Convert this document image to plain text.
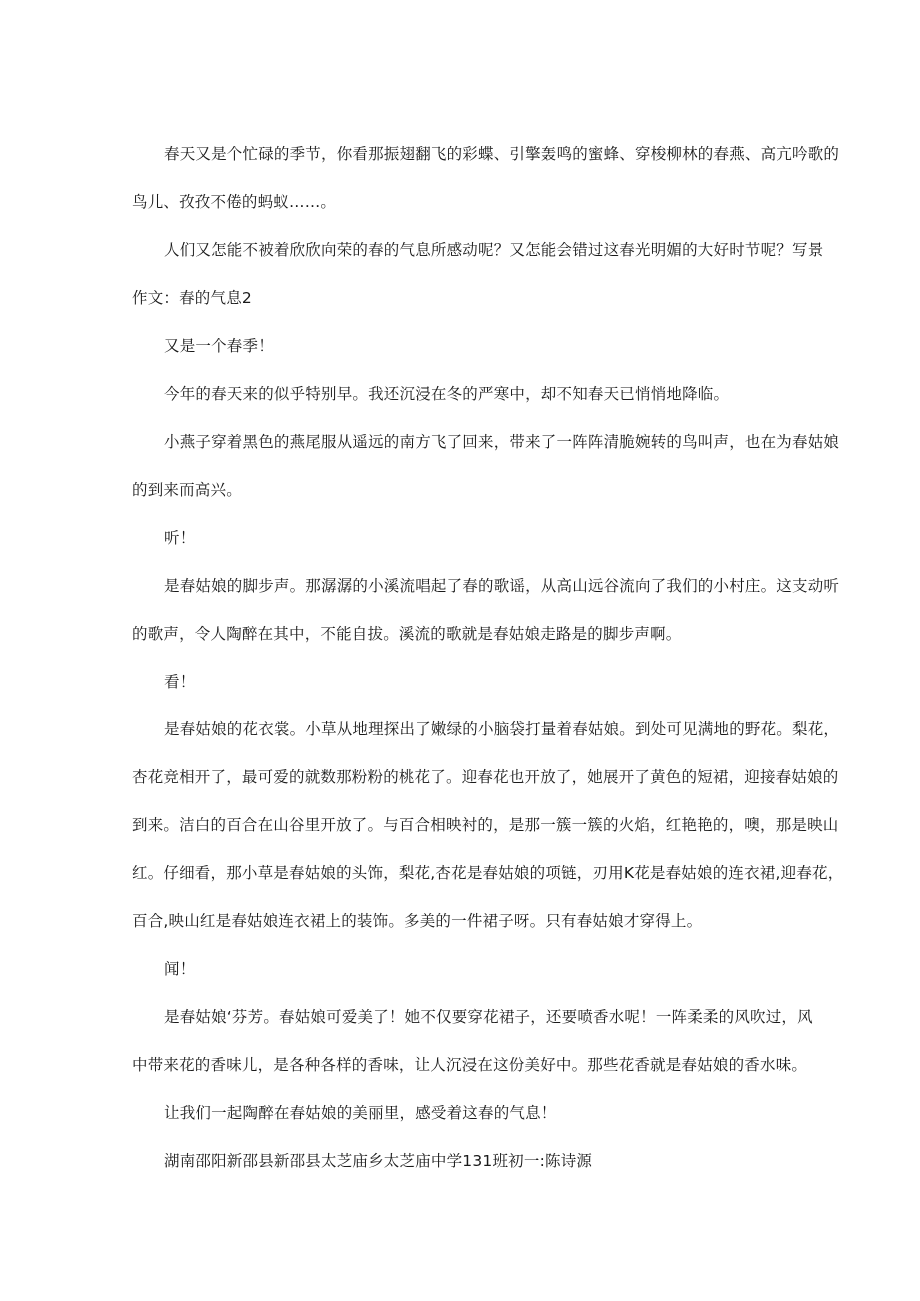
春天又是个忙碌的季节，你看那振翅翻飞的彩蝶、引擎轰鸣的蜜蜂、穿梭柳林的春燕、高亢吟歌的
鸟儿、孜孜不倦的蚂蚁……。
人们又怎能不被着欣欣向荣的春的气息所感动呢？又怎能会错过这春光明媚的大好时节呢？写景
作文：春的气息2
又是一个春季！
今年的春天来的似乎特别早。我还沉浸在冬的严寒中，却不知春天已悄悄地降临。
小燕子穿着黑色的燕尾服从遥远的南方飞了回来，带来了一阵阵清脆婉转的鸟叫声，也在为春姑娘
的到来而高兴。
听！
是春姑娘的脚步声。那潺潺的小溪流唱起了春的歌谣，从高山远谷流向了我们的小村庄。这支动听
的歌声，令人陶醉在其中，不能自拔。溪流的歌就是春姑娘走路是的脚步声啊。
看！
是春姑娘的花衣裳。小草从地理探出了嫩绿的小脑袋打量着春姑娘。到处可见满地的野花。梨花，
杏花竞相开了，最可爱的就数那粉粉的桃花了。迎春花也开放了，她展开了黄色的短裙，迎接春姑娘的
到来。洁白的百合在山谷里开放了。与百合相映衬的，是那一簇一簇的火焰，红艳艳的，噢，那是映山
红。仔细看，那小草是春姑娘的头饰，梨花,杏花是春姑娘的项链，刃用K花是春姑娘的连衣裙,迎春花，
百合,映山红是春姑娘连衣裙上的装饰。多美的一件裙子呀。只有春姑娘才穿得上。
闻！
是春姑娘‘芬芳。春姑娘可爱美了！她不仅要穿花裙子，还要喷香水呢！一阵柔柔的风吹过，风
中带来花的香味儿，是各种各样的香味，让人沉浸在这份美好中。那些花香就是春姑娘的香水味。
让我们一起陶醉在春姑娘的美丽里，感受着这春的气息！
湖南邵阳新邵县新邵县太芝庙乡太芝庙中学131班初一:陈诗源
